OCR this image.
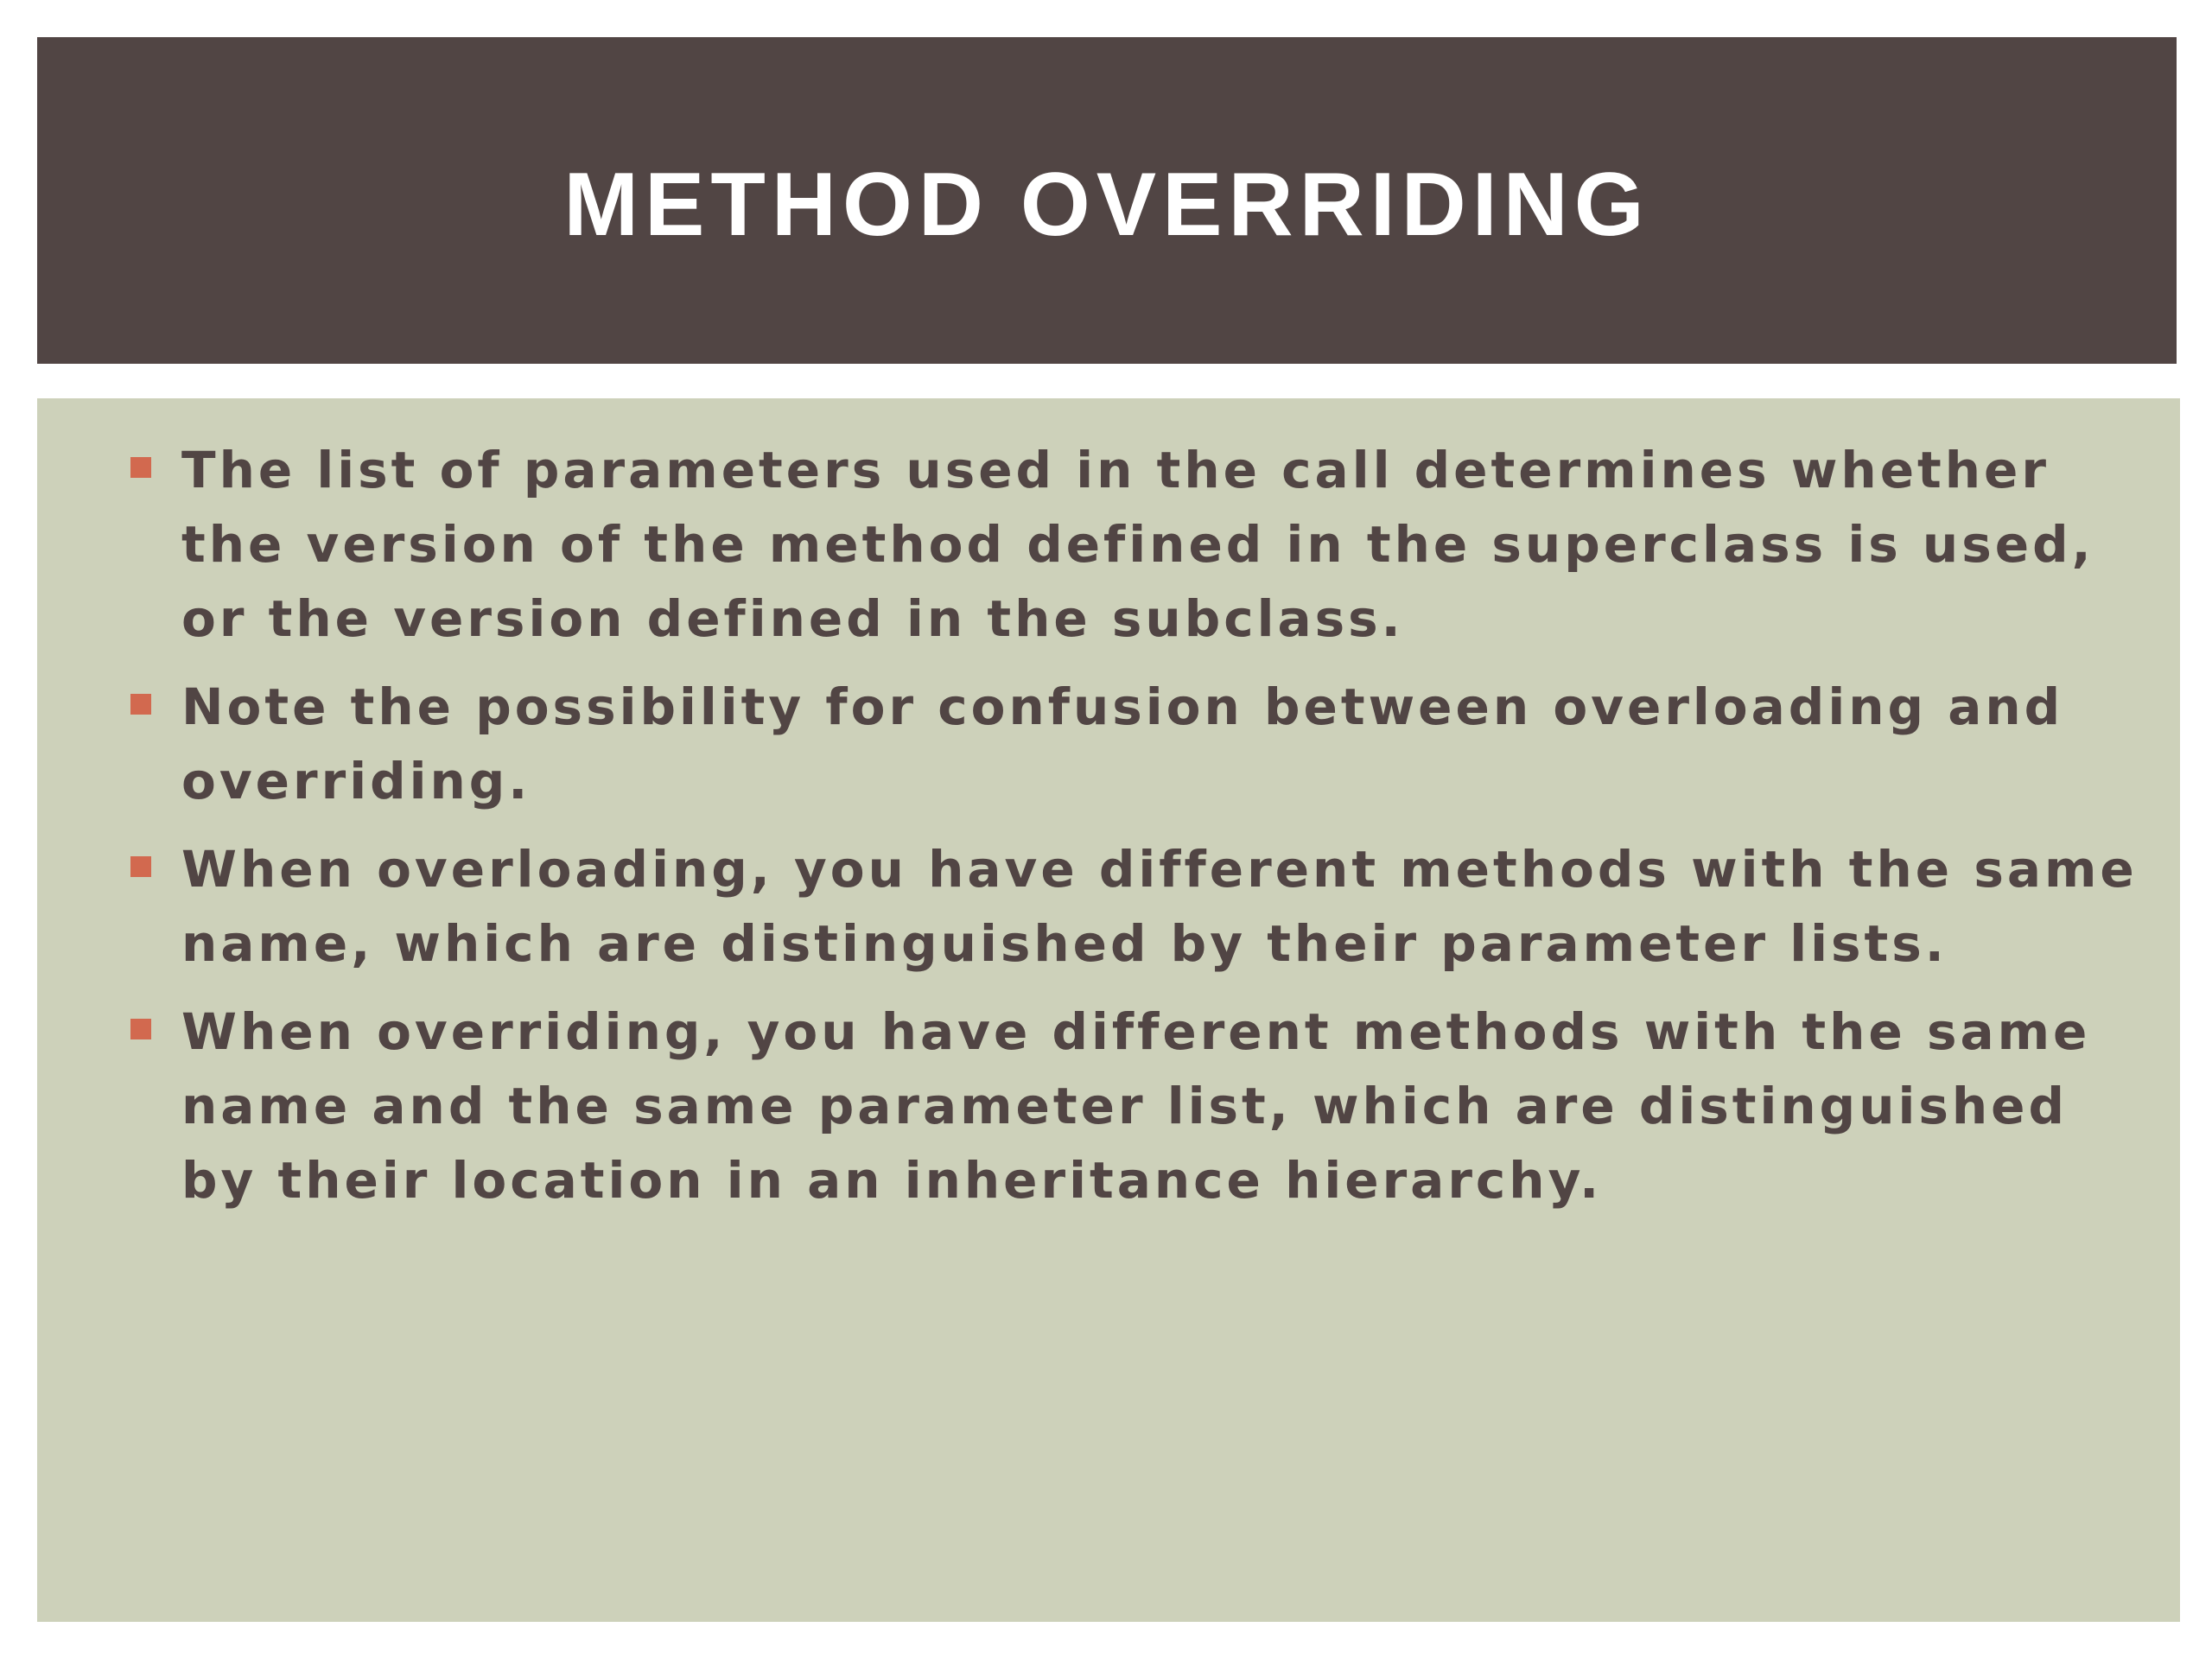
METHOD OVERRIDING
The list of parameters used in the call determines whether the version of the method defined in the superclass is used, or the version defined in the subclass.
Note the possibility for confusion between overloading and overriding.
When overloading, you have different methods with the same name, which are distinguished by their parameter lists.
When overriding, you have different methods with the same name and the same parameter list, which are distinguished by their location in an inheritance hierarchy.
